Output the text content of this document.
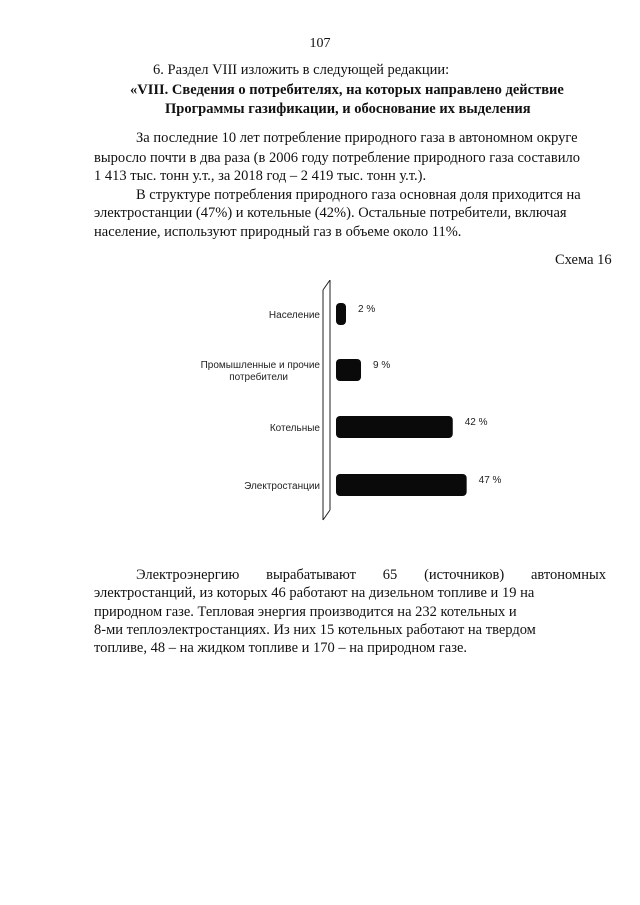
107
6. Раздел VIII изложить в следующей редакции:
«VIII. Сведения о потребителях, на которых направлено действие
Программы газификации, и обоснование их выделения
За последние 10 лет потребление природного газа в автономном округе
выросло почти в два раза (в 2006 году потребление природного газа составило
1 413 тыс. тонн у.т., за 2018 год – 2 419 тыс. тонн у.т.).
В структуре потребления природного газа основная доля приходится на
электростанции (47%) и котельные (42%). Остальные потребители, включая
население, используют природный газ в объеме около 11%.
Схема 16
Население
2 %
Промышленные и прочие потребители
9 %
Котельные
42 %
Электростанции
47 %
Электроэнергию вырабатывают 65 (источников) автономных
электростанций, из которых 46 работают на дизельном топливе и 19 на
природном газе. Тепловая энергия производится на 232 котельных и
8-ми теплоэлектростанциях. Из них 15 котельных работают на твердом
топливе, 48 – на жидком топливе и 170 – на природном газе.
